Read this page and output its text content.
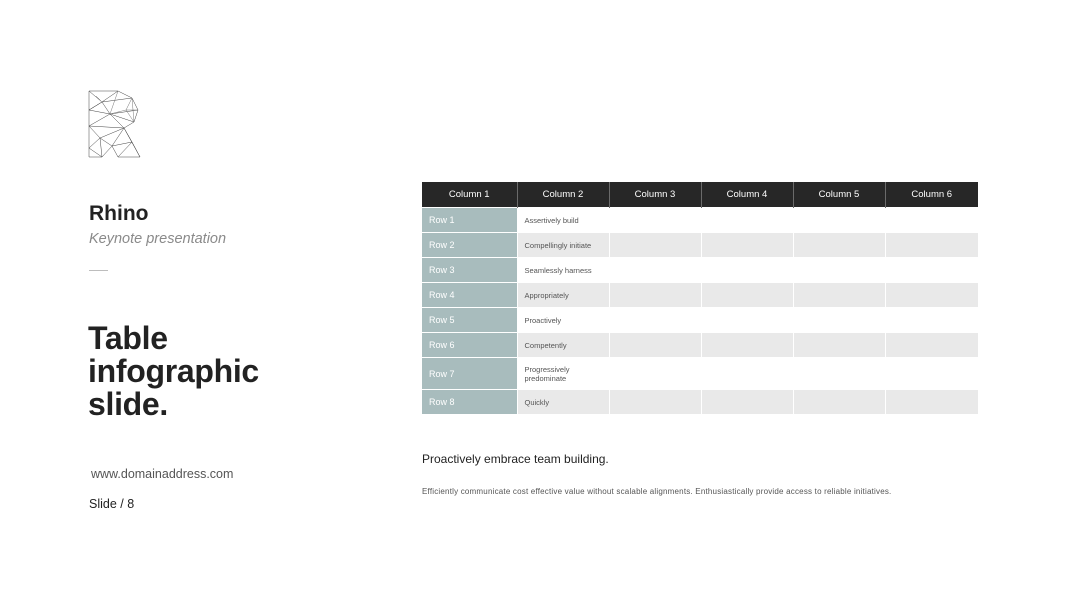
Rhino
Keynote presentation
Table
infographic
slide.
www.domainaddress.com
Slide / 8
Column 1	Column 2	Column 3	Column 4	Column 5	Column 6
Row 1	Assertively build				
Row 2	Compellingly initiate				
Row 3	Seamlessly harness				
Row 4	Appropriately				
Row 5	Proactively				
Row 6	Competently				
Row 7	Progressively predominate				
Row 8	Quickly				
Proactively embrace team building.
Efficiently communicate cost effective value without scalable alignments. Enthusiastically provide access to reliable initiatives.
